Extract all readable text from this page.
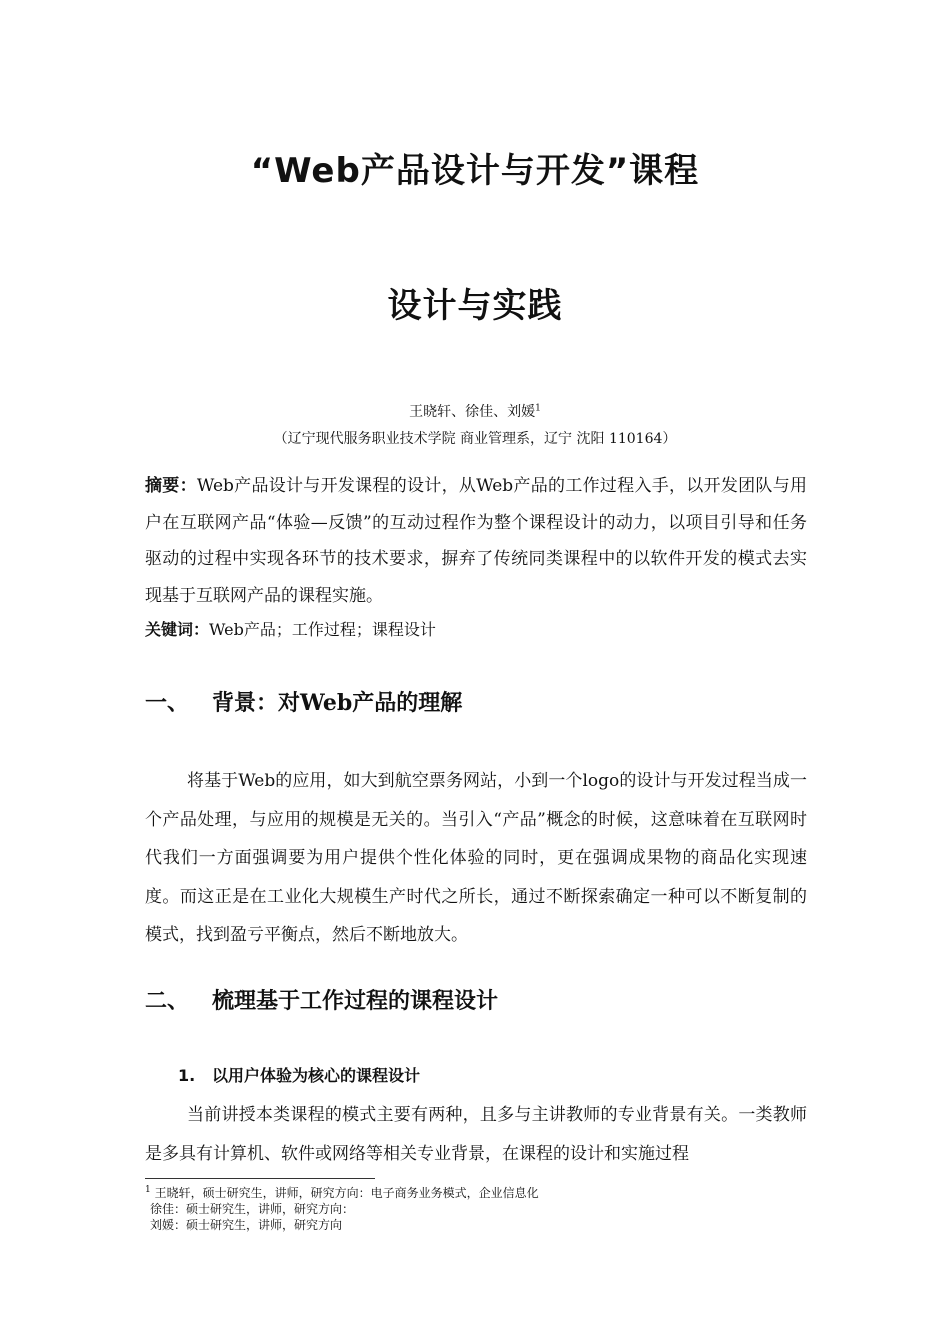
“Web产品设计与开发”课程
设计与实践
王晓轩、徐佳、刘媛$^1$
（辽宁现代服务职业技术学院 商业管理系，辽宁 沈阳 110164）

摘要：Web产品设计与开发课程的设计，从Web产品的工作过程入手，以开发团队与用户在互联网产品“体验—反馈”的互动过程作为整个课程设计的动力，以项目引导和任务驱动的过程中实现各环节的技术要求，摒弃了传统同类课程中的以软件开发的模式去实现基于互联网产品的课程实施。

关键词：Web产品；工作过程；课程设计

一、 背景：对Web产品的理解

将基于Web的应用，如大到航空票务网站，小到一个logo的设计与开发过程当成一个产品处理，与应用的规模是无关的。当引入“产品”概念的时候，这意味着在互联网时代我们一方面强调要为用户提供个性化体验的同时，更在强调成果物的商品化实现速度。而这正是在工业化大规模生产时代之所长，通过不断探索确定一种可以不断复制的模式，找到盈亏平衡点，然后不断地放大。

二、 梳理基于工作过程的课程设计
1. 以用户体验为核心的课程设计

当前讲授本类课程的模式主要有两种，且多与主讲教师的专业背景有关。一类教师是多具有计算机、软件或网络等相关专业背景，在课程的设计和实施过程

$^1$ 王晓轩，硕士研究生，讲师，研究方向：电子商务业务模式，企业信息化
徐佳：硕士研究生，讲师，研究方向：
刘媛：硕士研究生，讲师，研究方向
